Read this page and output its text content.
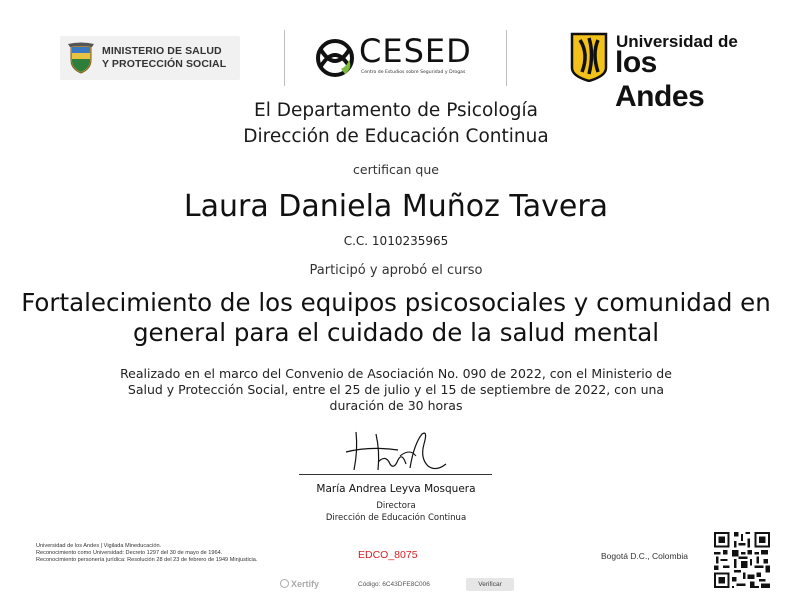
MINISTERIO DE SALUD
Y PROTECCIÓN SOCIAL	CESED
Centro de Estudios sobre Seguridad y Drogas
Universidad de
los Andes
El Departamento de Psicología
Dirección de Educación Continua
certifican que
Laura Daniela Muñoz Tavera
C.C. 1010235965
Participó y aprobó el curso
Fortalecimiento de los equipos psicosociales y comunidad en
general para el cuidado de la salud mental
Realizado en el marco del Convenio de Asociación No. 090 de 2022, con el Ministerio de
Salud y Protección Social, entre el 25 de julio y el 15 de septiembre de 2022, con una
duración de 30 horas
María Andrea Leyva Mosquera
Directora
Dirección de Educación Continua
Universidad de los Andes | Vigilada Mineducación.
Reconocimiento como Universidad: Decreto 1297 del 30 de mayo de 1964.
Reconocimiento personería jurídica: Resolución 28 del 23 de febrero de 1949 Minjusticia.	EDCO_8075	Bogotá D.C., Colombia
Xertify	Código: 6C43DFE8C006	Verificar
